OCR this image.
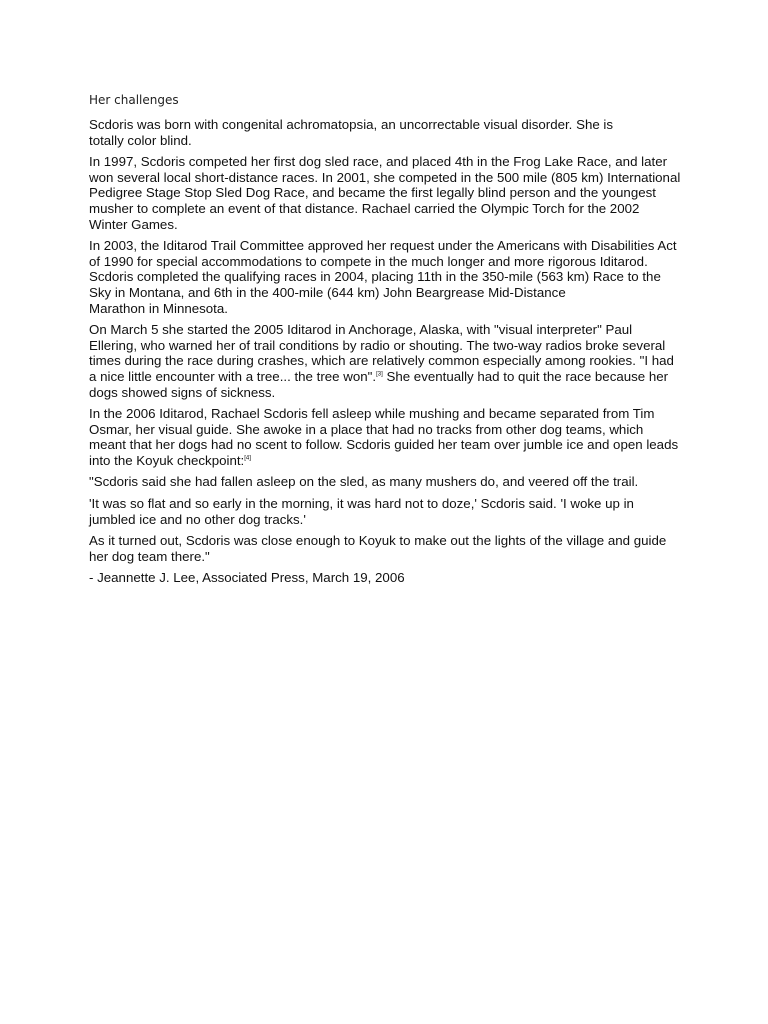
Her challenges
Scdoris was born with congenital achromatopsia, an uncorrectable visual disorder. She is
totally color blind.
In 1997, Scdoris competed her first dog sled race, and placed 4th in the Frog Lake Race, and later
won several local short-distance races. In 2001, she competed in the 500 mile (805 km) International
Pedigree Stage Stop Sled Dog Race, and became the first legally blind person and the youngest
musher to complete an event of that distance. Rachael carried the Olympic Torch for the 2002
Winter Games.
In 2003, the Iditarod Trail Committee approved her request under the Americans with Disabilities Act
of 1990 for special accommodations to compete in the much longer and more rigorous Iditarod.
Scdoris completed the qualifying races in 2004, placing 11th in the 350-mile (563 km) Race to the
Sky in Montana, and 6th in the 400-mile (644 km) John Beargrease Mid-Distance
Marathon in Minnesota.
On March 5 she started the 2005 Iditarod in Anchorage, Alaska, with "visual interpreter" Paul
Ellering, who warned her of trail conditions by radio or shouting. The two-way radios broke several
times during the race during crashes, which are relatively common especially among rookies. "I had
a nice little encounter with a tree... the tree won".[3] She eventually had to quit the race because her
dogs showed signs of sickness.
In the 2006 Iditarod, Rachael Scdoris fell asleep while mushing and became separated from Tim
Osmar, her visual guide. She awoke in a place that had no tracks from other dog teams, which
meant that her dogs had no scent to follow. Scdoris guided her team over jumble ice and open leads
into the Koyuk checkpoint:[4]
"Scdoris said she had fallen asleep on the sled, as many mushers do, and veered off the trail.
'It was so flat and so early in the morning, it was hard not to doze,' Scdoris said. 'I woke up in
jumbled ice and no other dog tracks.'
As it turned out, Scdoris was close enough to Koyuk to make out the lights of the village and guide
her dog team there."
- Jeannette J. Lee, Associated Press, March 19, 2006
